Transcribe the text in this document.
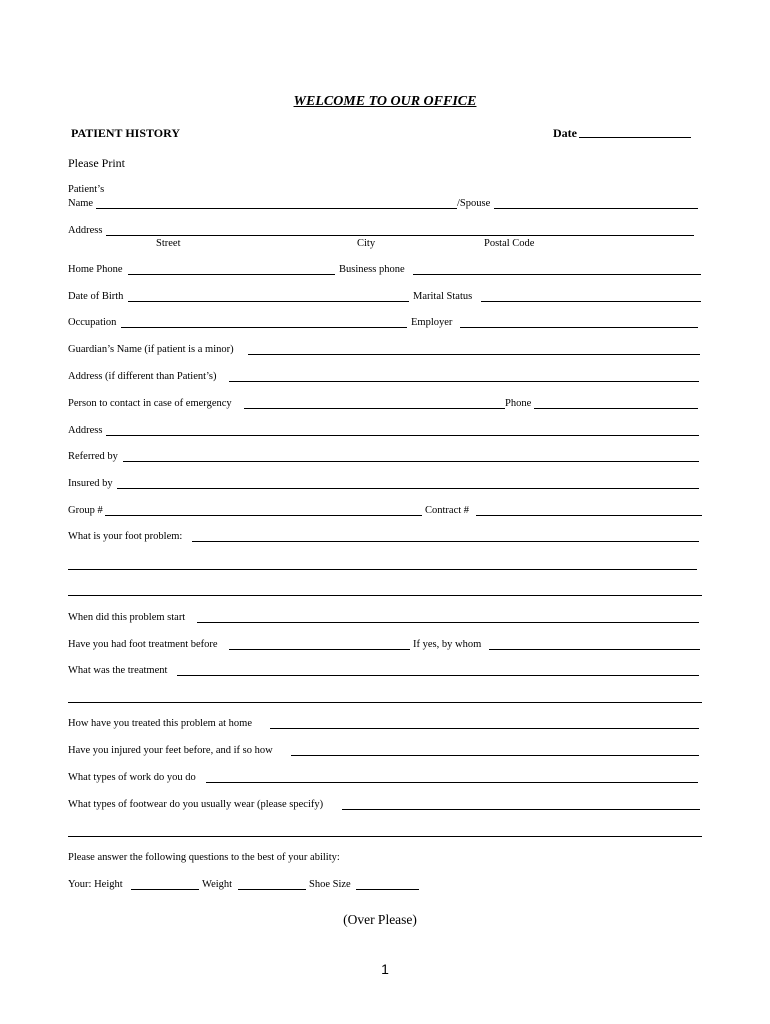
WELCOME TO OUR OFFICE
PATIENT HISTORY	Date
Please Print
Patient’s
Name	/Spouse
Address
Street	City	Postal Code
Home Phone	Business phone
Date of Birth	Marital Status
Occupation	Employer
Guardian’s Name (if patient is a minor)
Address (if different than Patient’s)
Person to contact in case of emergency	Phone
Address
Referred by
Insured by
Group #	Contract #
What is your foot problem:
When did this problem start
Have you had foot treatment before	If yes, by whom
What was the treatment
How have you treated this problem at home
Have you injured your feet before, and if so how
What types of work do you do
What types of footwear do you usually wear (please specify)
Please answer the following questions to the best of your ability:
Your: Height	Weight	Shoe Size
(Over Please)
1
